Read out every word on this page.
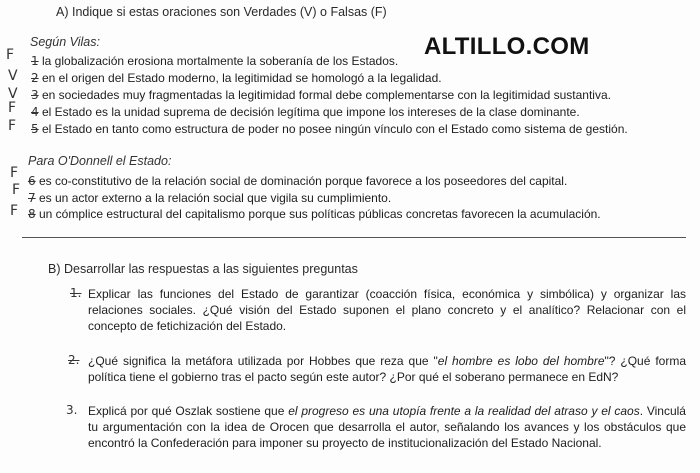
A) Indique si estas oraciones son Verdades (V) o Falsas (F)
ALTILLO.COM
Según Vilas:
F 1 la globalización erosiona mortalmente la soberanía de los Estados.
V 2 en el origen del Estado moderno, la legitimidad se homologó a la legalidad.
V 3 en sociedades muy fragmentadas la legitimidad formal debe complementarse con la legitimidad sustantiva.
F 4 el Estado es la unidad suprema de decisión legítima que impone los intereses de la clase dominante.
F 5 el Estado en tanto como estructura de poder no posee ningún vínculo con el Estado como sistema de gestión.
Para O'Donnell el Estado:
F 6 es co-constitutivo de la relación social de dominación porque favorece a los poseedores del capital.
F 7 es un actor externo a la relación social que vigila su cumplimiento.
F 8 un cómplice estructural del capitalismo porque sus políticas públicas concretas favorecen la acumulación.
B) Desarrollar las respuestas a las siguientes preguntas
1. Explicar las funciones del Estado de garantizar (coacción física, económica y simbólica) y organizar las relaciones sociales. ¿Qué visión del Estado suponen el plano concreto y el analítico? Relacionar con el concepto de fetichización del Estado.
2. ¿Qué significa la metáfora utilizada por Hobbes que reza que "el hombre es lobo del hombre"? ¿Qué forma política tiene el gobierno tras el pacto según este autor? ¿Por qué el soberano permanece en EdN?
3. Explicá por qué Oszlak sostiene que el progreso es una utopía frente a la realidad del atraso y el caos. Vinculá tu argumentación con la idea de Orocen que desarrolla el autor, señalando los avances y los obstáculos que encontró la Confederación para imponer su proyecto de institucionalización del Estado Nacional.
